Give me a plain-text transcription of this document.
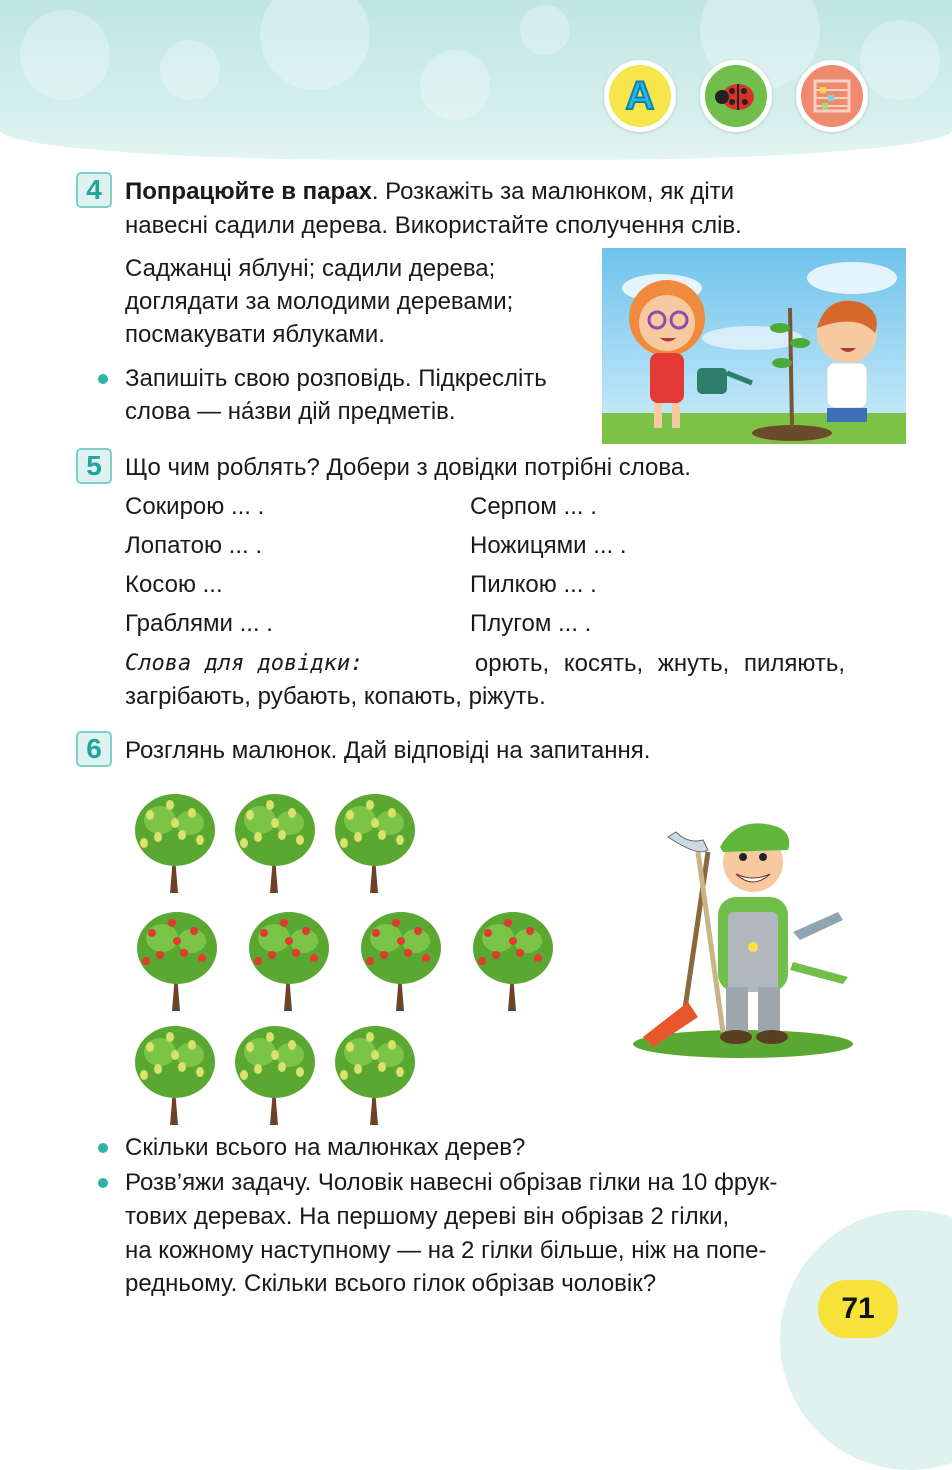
A
4 Попрацюйте в парах. Розкажіть за малюнком, як діти
навесні садили дерева. Використайте сполучення слів.
Саджанці яблуні; садили дерева;
доглядати за молодими деревами;
посмакувати яблуками.
Запишіть свою розповідь. Підкресліть
слова — на́зви дій предметів.
5 Що чим роблять? Добери з довідки потрібні слова.
Сокирою ... .
Лопатою ... .
Косою ...
Граблями ... .
Серпом ... .
Ножицями ... .
Пилкою ... .
Плугом ... .
Слова для довідки:	орють, косять, жнуть, пиляють,
загрібають, рубають, копають, ріжуть.
6 Розглянь малюнок. Дай відповіді на запитання.
Скільки всього на малюнках дерев?
Розв’яжи задачу. Чоловік навесні обрізав гілки на 10 фрук-
тових деревах. На першому дереві він обрізав 2 гілки,
на кожному наступному — на 2 гілки більше, ніж на попе-
редньому. Скільки всього гілок обрізав чоловік?
71
